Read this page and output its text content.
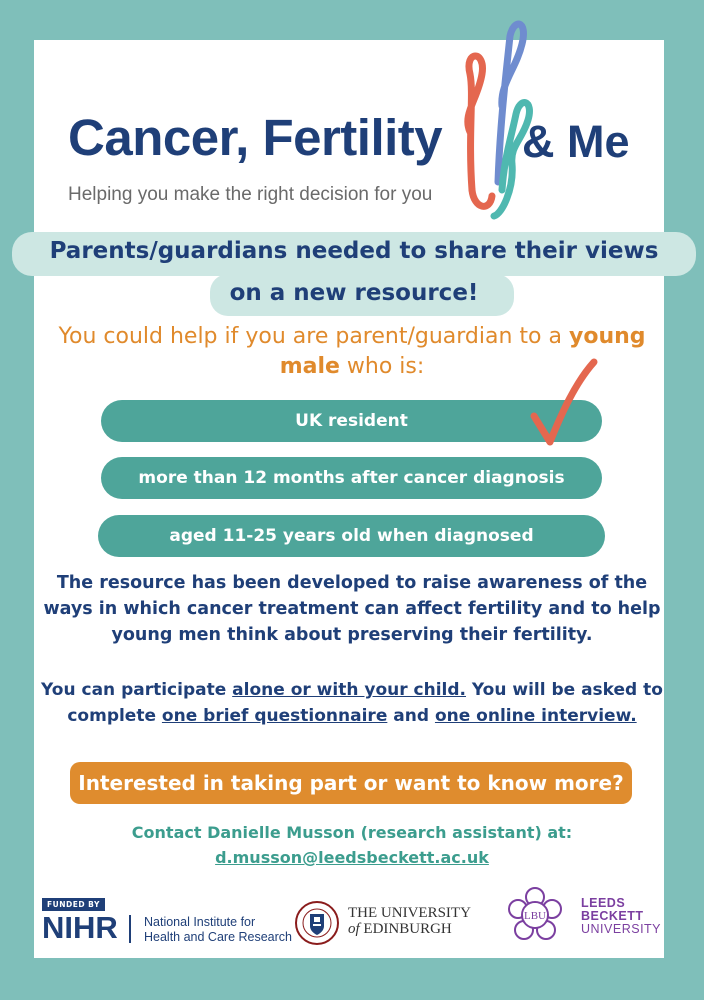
Cancer, Fertility & Me
Helping you make the right decision for you
Parents/guardians needed to share their views
on a new resource!
You could help if you are parent/guardian to a young male who is:
UK resident
more than 12 months after cancer diagnosis
aged 11-25 years old when diagnosed
The resource has been developed to raise awareness of the
ways in which cancer treatment can affect fertility and to help
young men think about preserving their fertility.
You can participate alone or with your child. You will be asked to
complete one brief questionnaire and one online interview.
Interested in taking part or want to know more?
Contact Danielle Musson (research assistant) at:
d.musson@leedsbeckett.ac.uk
FUNDED BY
NIHR National Institute for
Health and Care Research
THE UNIVERSITY
of EDINBURGH
LBU
LEEDS
BECKETT
UNIVERSITY
